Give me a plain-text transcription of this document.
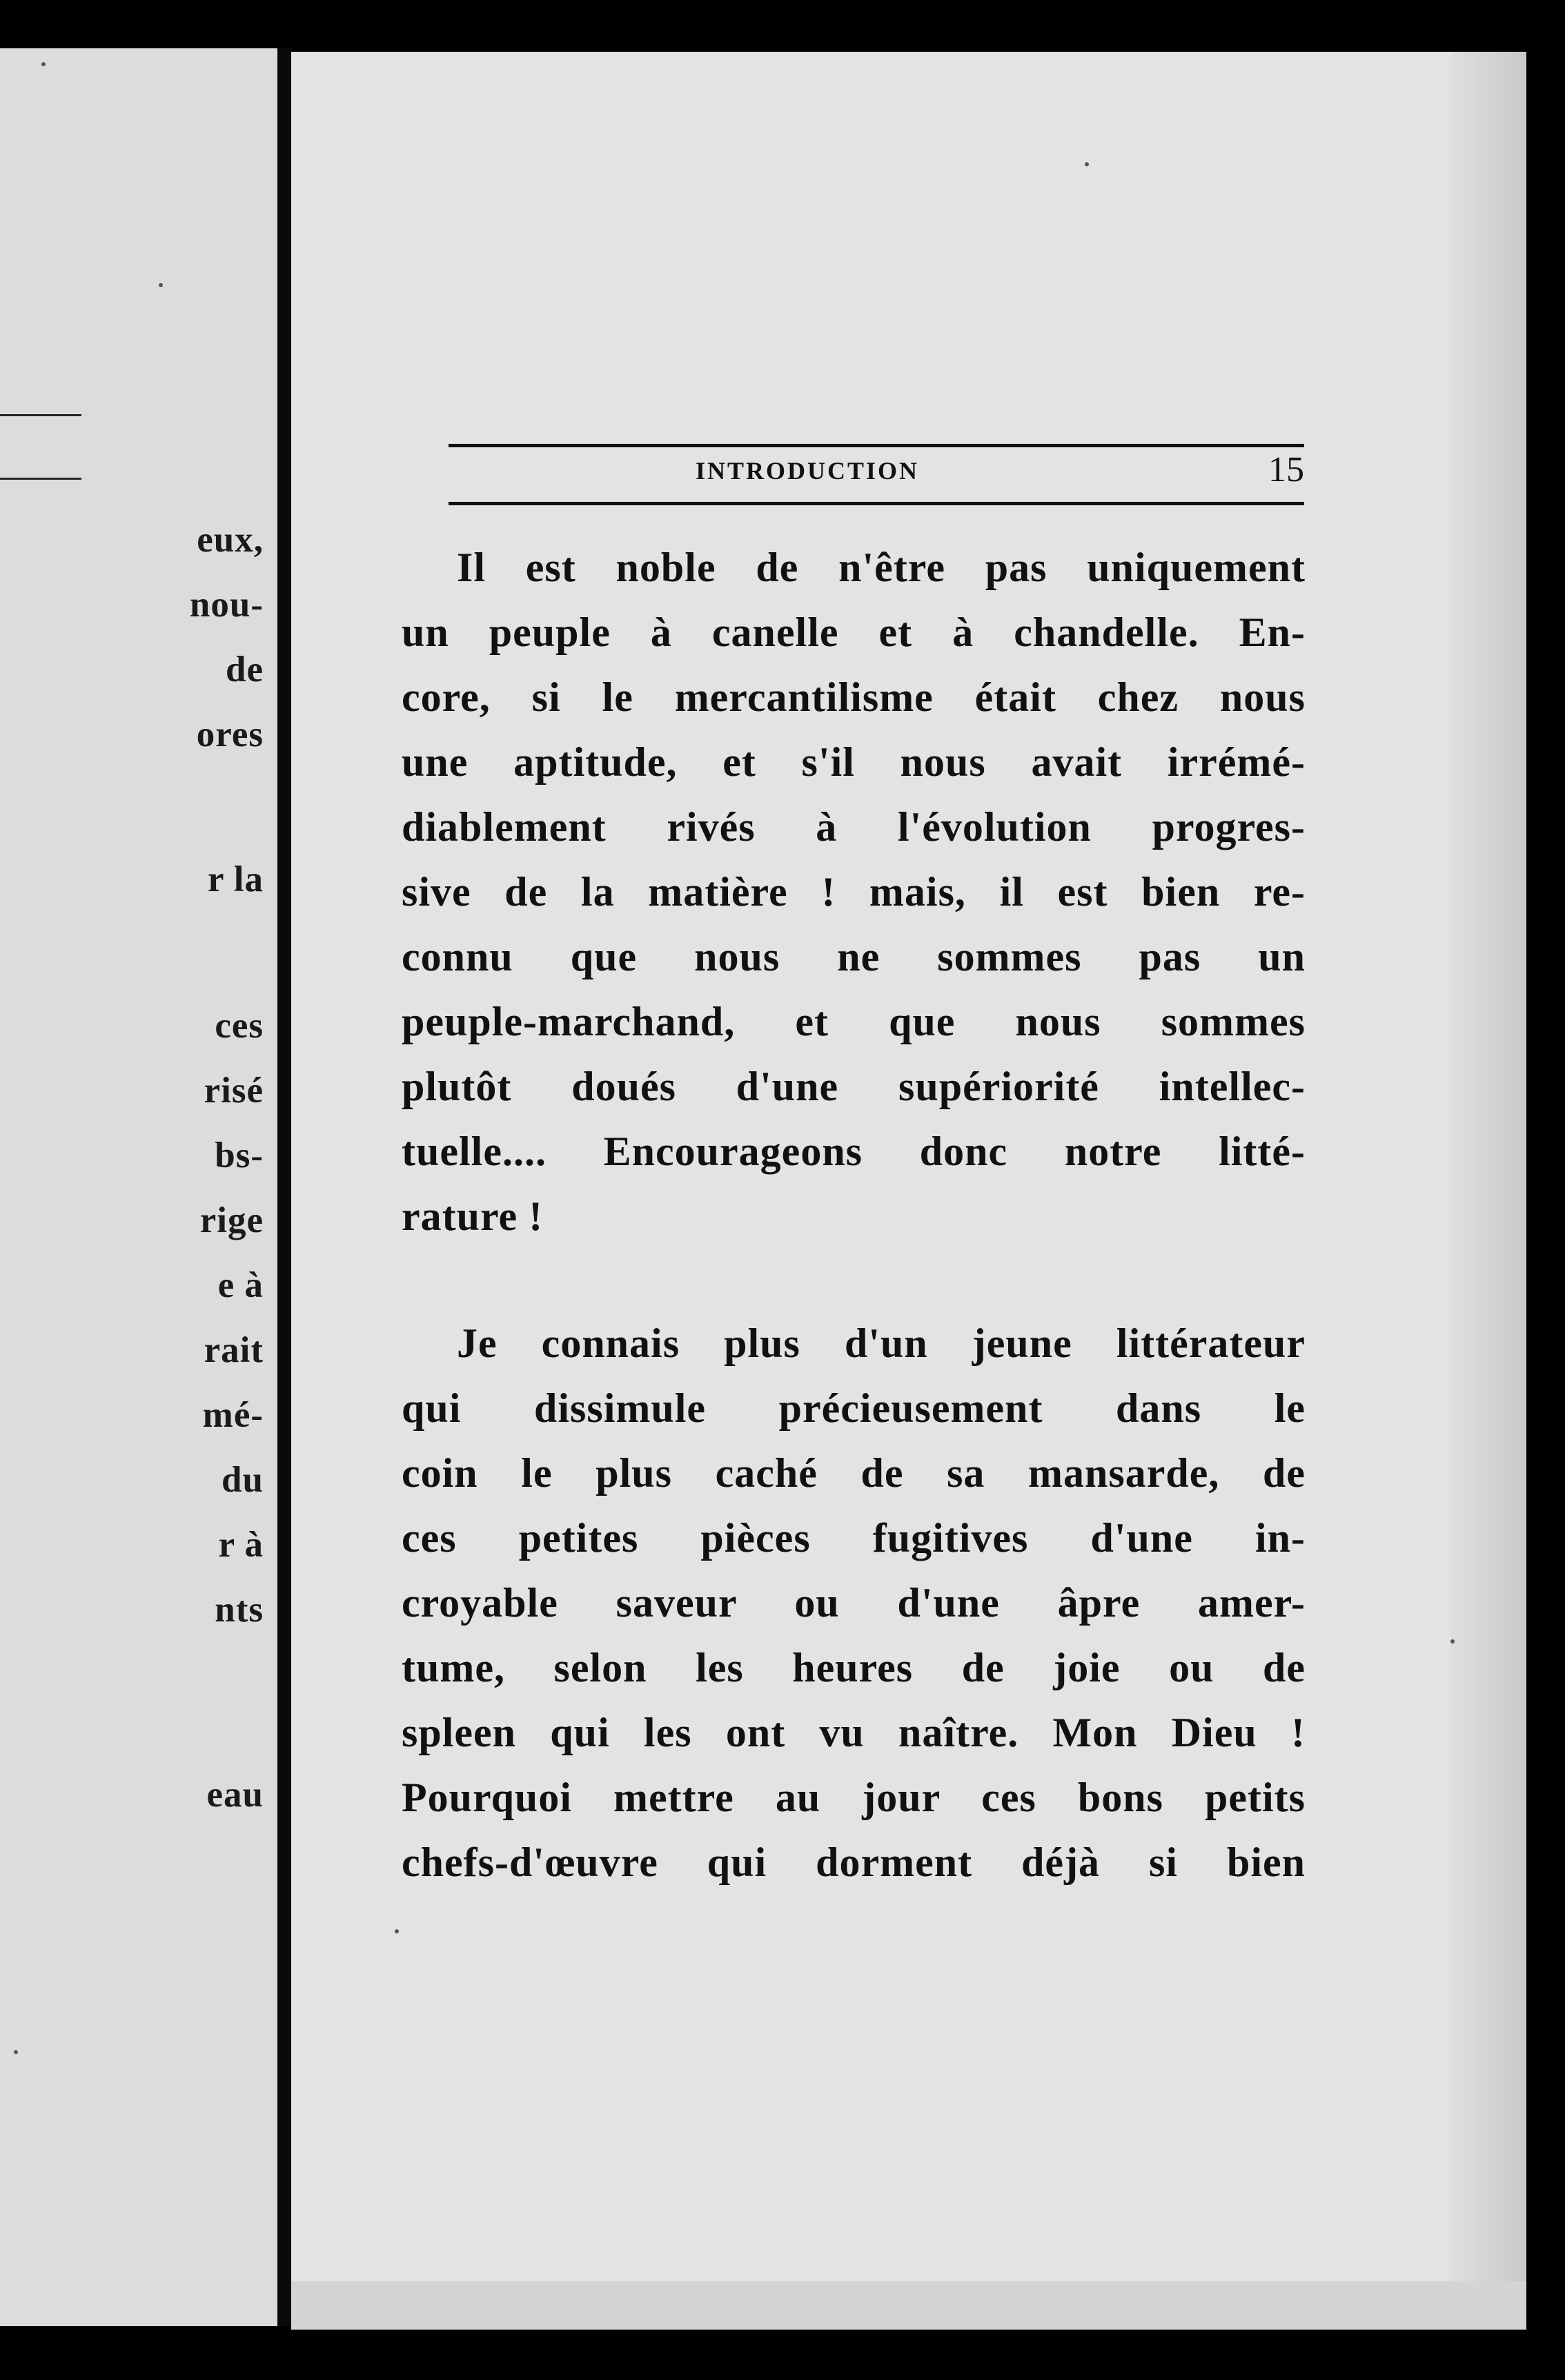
eux,
nou-
de
ores
r la
ces
risé
bs-
rige
e à
rait
mé-
du
r à
nts
eau
INTRODUCTION	15
Il est noble de n'être pas uniquement
un peuple à canelle et à chandelle. En-
core, si le mercantilisme était chez nous
une aptitude, et s'il nous avait irrémé-
diablement rivés à l'évolution progres-
sive de la matière ! mais, il est bien re-
connu que nous ne sommes pas un
peuple-marchand, et que nous sommes
plutôt doués d'une supériorité intellec-
tuelle.... Encourageons donc notre litté-
rature !
Je connais plus d'un jeune littérateur
qui dissimule précieusement dans le
coin le plus caché de sa mansarde, de
ces petites pièces fugitives d'une in-
croyable saveur ou d'une âpre amer-
tume, selon les heures de joie ou de
spleen qui les ont vu naître. Mon Dieu !
Pourquoi mettre au jour ces bons petits
chefs-d'œuvre qui dorment déjà si bien
